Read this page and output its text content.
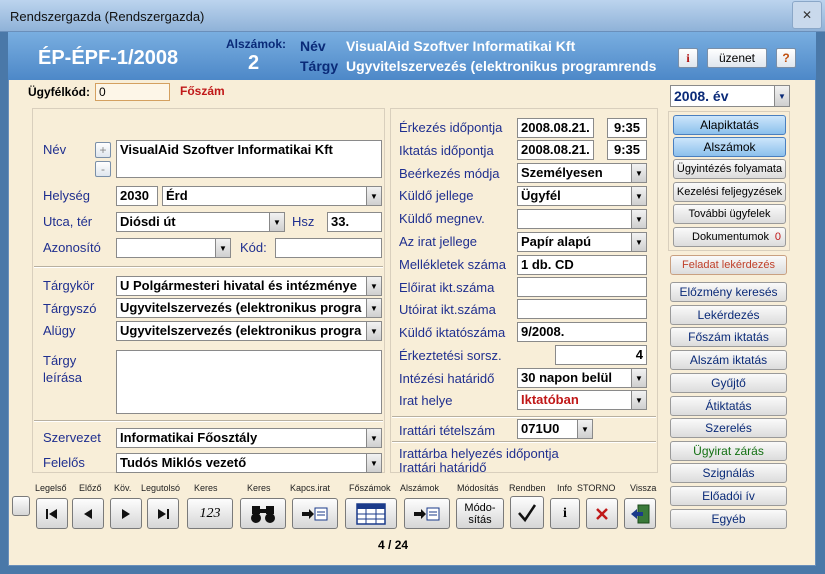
Rendszergazda (Rendszergazda)	✕
ÉP-ÉPF-1/2008
Alszámok:
2
Név
Tárgy
VisualAid Szoftver Informatikai Kft
Ugyvitelszervezés (elektronikus programrends
i	üzenet	?
Ügyfélkód: 0	Főszám	2008. év	▼
Név	+
-
VisualAid Szoftver Informatikai Kft
Helység	2030	Érd	▼
Utca, tér	Diósdi út	▼ Hsz	33.
Azonosító	▼ Kód:
Tárgykör	U Polgármesteri hivatal és intézménye	▼
Tárgyszó	Ugyvitelszervezés (elektronikus progra	▼
Alügy	Ugyvitelszervezés (elektronikus progra	▼
Tárgy
leírása
Szervezet	Informatikai Főosztály	▼
Felelős	Tudós Miklós vezető	▼
Érkezés időpontja	2008.08.21.	9:35
Iktatás időpontja	2008.08.21.	9:35
Beérkezés módja	Személyesen	▼
Küldő jellege	Ügyfél	▼
Küldő megnev.	▼
Az irat jellege	Papír alapú	▼
Mellékletek száma	1 db. CD
Előirat ikt.száma
Utóirat ikt.száma
Küldő iktatószáma	9/2008.
Érkeztetési sorsz.	4
Intézési határidő	30 napon belül	▼
Irat helye	Iktatóban	▼
Irattári tételszám	071U0	▼
Irattárba helyezés időpontja
Irattári határidő
Alapiktatás
Alszámok
Ügyintézés folyamata
Kezelési feljegyzések
További ügyfelek
Dokumentumok 0
Feladat lekérdezés
Előzmény keresés
Lekérdezés
Főszám iktatás
Alszám iktatás
Gyűjtő
Átiktatás
Szerelés
Ügyirat zárás
Szignálás
Előadói ív
Egyéb
Legelső Előző Köv. Legutolsó Keres	Keres Kapcs.irat Főszámok Alszámok Módosítás Rendben Info STORNO Vissza
123	Módo-
sítás	i
4 / 24
